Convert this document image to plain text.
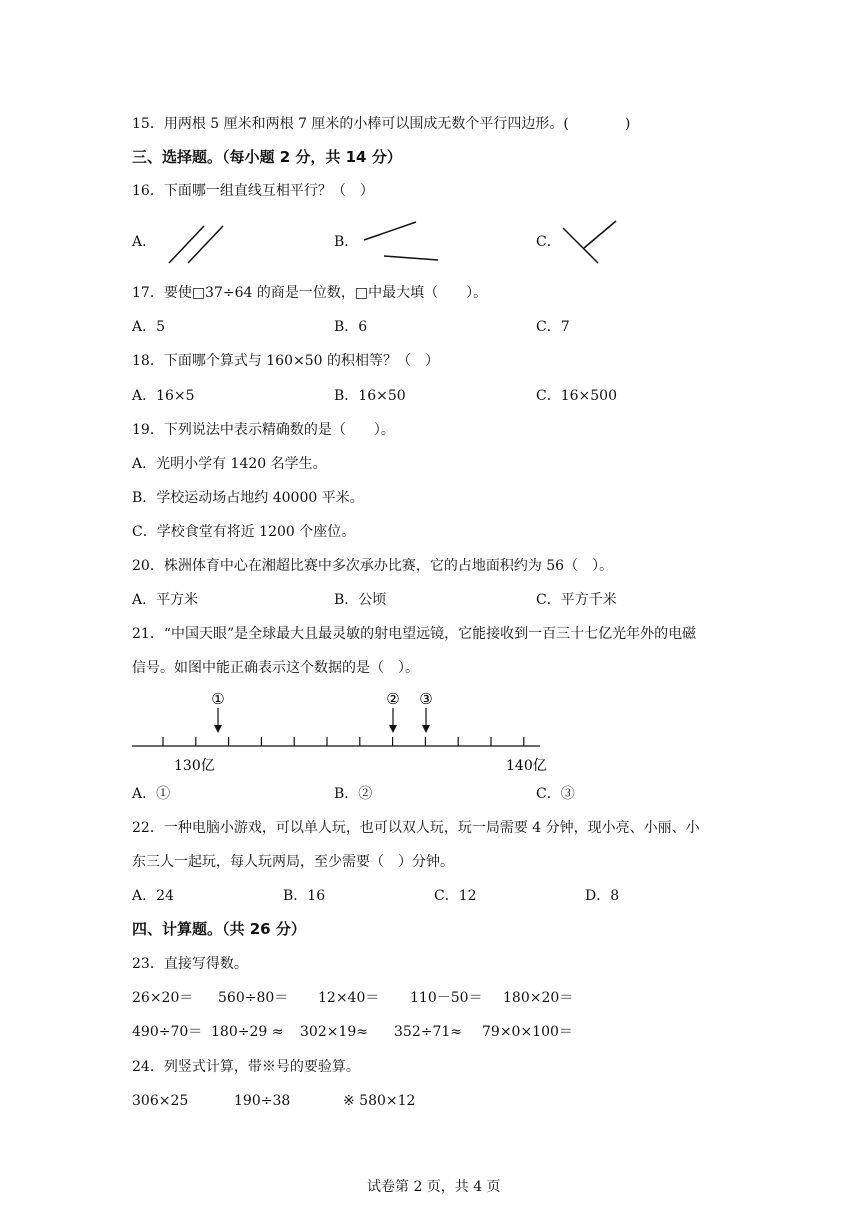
15．用两根 5 厘米和两根 7 厘米的小棒可以围成无数个平行四边形。(　　　　)
三、选择题。（每小题 2 分，共 14 分）
16．下面哪一组直线互相平行？（　）
A．	B．	C．
17．要使□37÷64 的商是一位数，□中最大填（　　）。
A．5	B．6	C．7
18．下面哪个算式与 160×50 的积相等？（　）
A．16×5	B．16×50	C．16×500
19．下列说法中表示精确数的是（　　）。
A．光明小学有 1420 名学生。
B．学校运动场占地约 40000 平米。
C．学校食堂有将近 1200 个座位。
20．株洲体育中心在湘超比赛中多次承办比赛，它的占地面积约为 56（　）。
A．平方米	B．公顷	C．平方千米
21．“中国天眼”是全球最大且最灵敏的射电望远镜，它能接收到一百三十七亿光年外的电磁
信号。如图中能正确表示这个数据的是（　）。
①	② ③
130亿	140亿
A．①	B．②	C．③
22．一种电脑小游戏，可以单人玩，也可以双人玩，玩一局需要 4 分钟，现小亮、小丽、小
东三人一起玩，每人玩两局，至少需要（　）分钟。
A．24	B．16	C．12	D．8
四、计算题。（共 26 分）
23．直接写得数。
26×20＝ 560÷80＝ 12×40＝ 110－50＝ 180×20＝
490÷70＝ 180÷29 ≈ 302×19≈ 352÷71≈ 79×0×100＝
24．列竖式计算，带※号的要验算。
306×25	190÷38	※ 580×12
试卷第 2 页，共 4 页
